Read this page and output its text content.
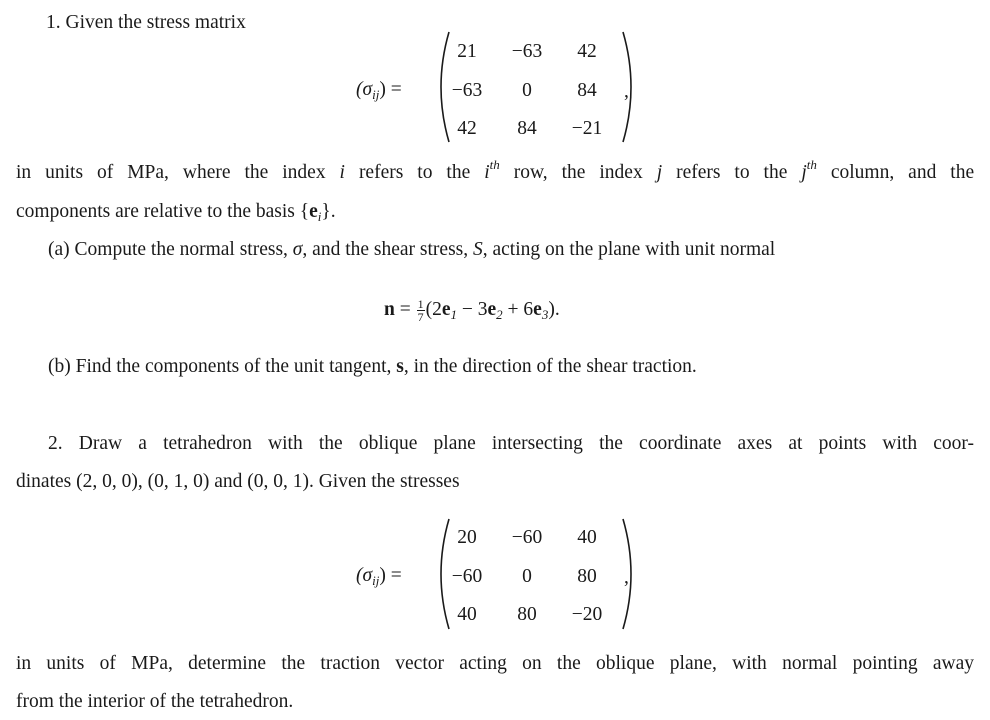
1. Given the stress matrix
$(\sigma_{ij})$ =
21	−63	42
−63	0	84
42	84	−21
,
in units of MPa, where the index i refers to the $i^{th}$ row, the index j refers to the $j^{th}$ column, and the
components are relative to the basis $\{e_i\}$.
(a) Compute the normal stress, σ, and the shear stress, S, acting on the plane with unit normal
$n = \frac{1}{7} (2e_1 - 3e_2 + 6e_3)$.
(b) Find the components of the unit tangent, s, in the direction of the shear traction.
2. Draw a tetrahedron with the oblique plane intersecting the coordinate axes at points with coor-
dinates (2, 0, 0), (0, 1, 0) and (0, 0, 1). Given the stresses
$(\sigma_{ij})$ =
20	−60	40
−60	0	80
40	80	−20
,
in units of MPa, determine the traction vector acting on the oblique plane, with normal pointing away
from the interior of the tetrahedron.
